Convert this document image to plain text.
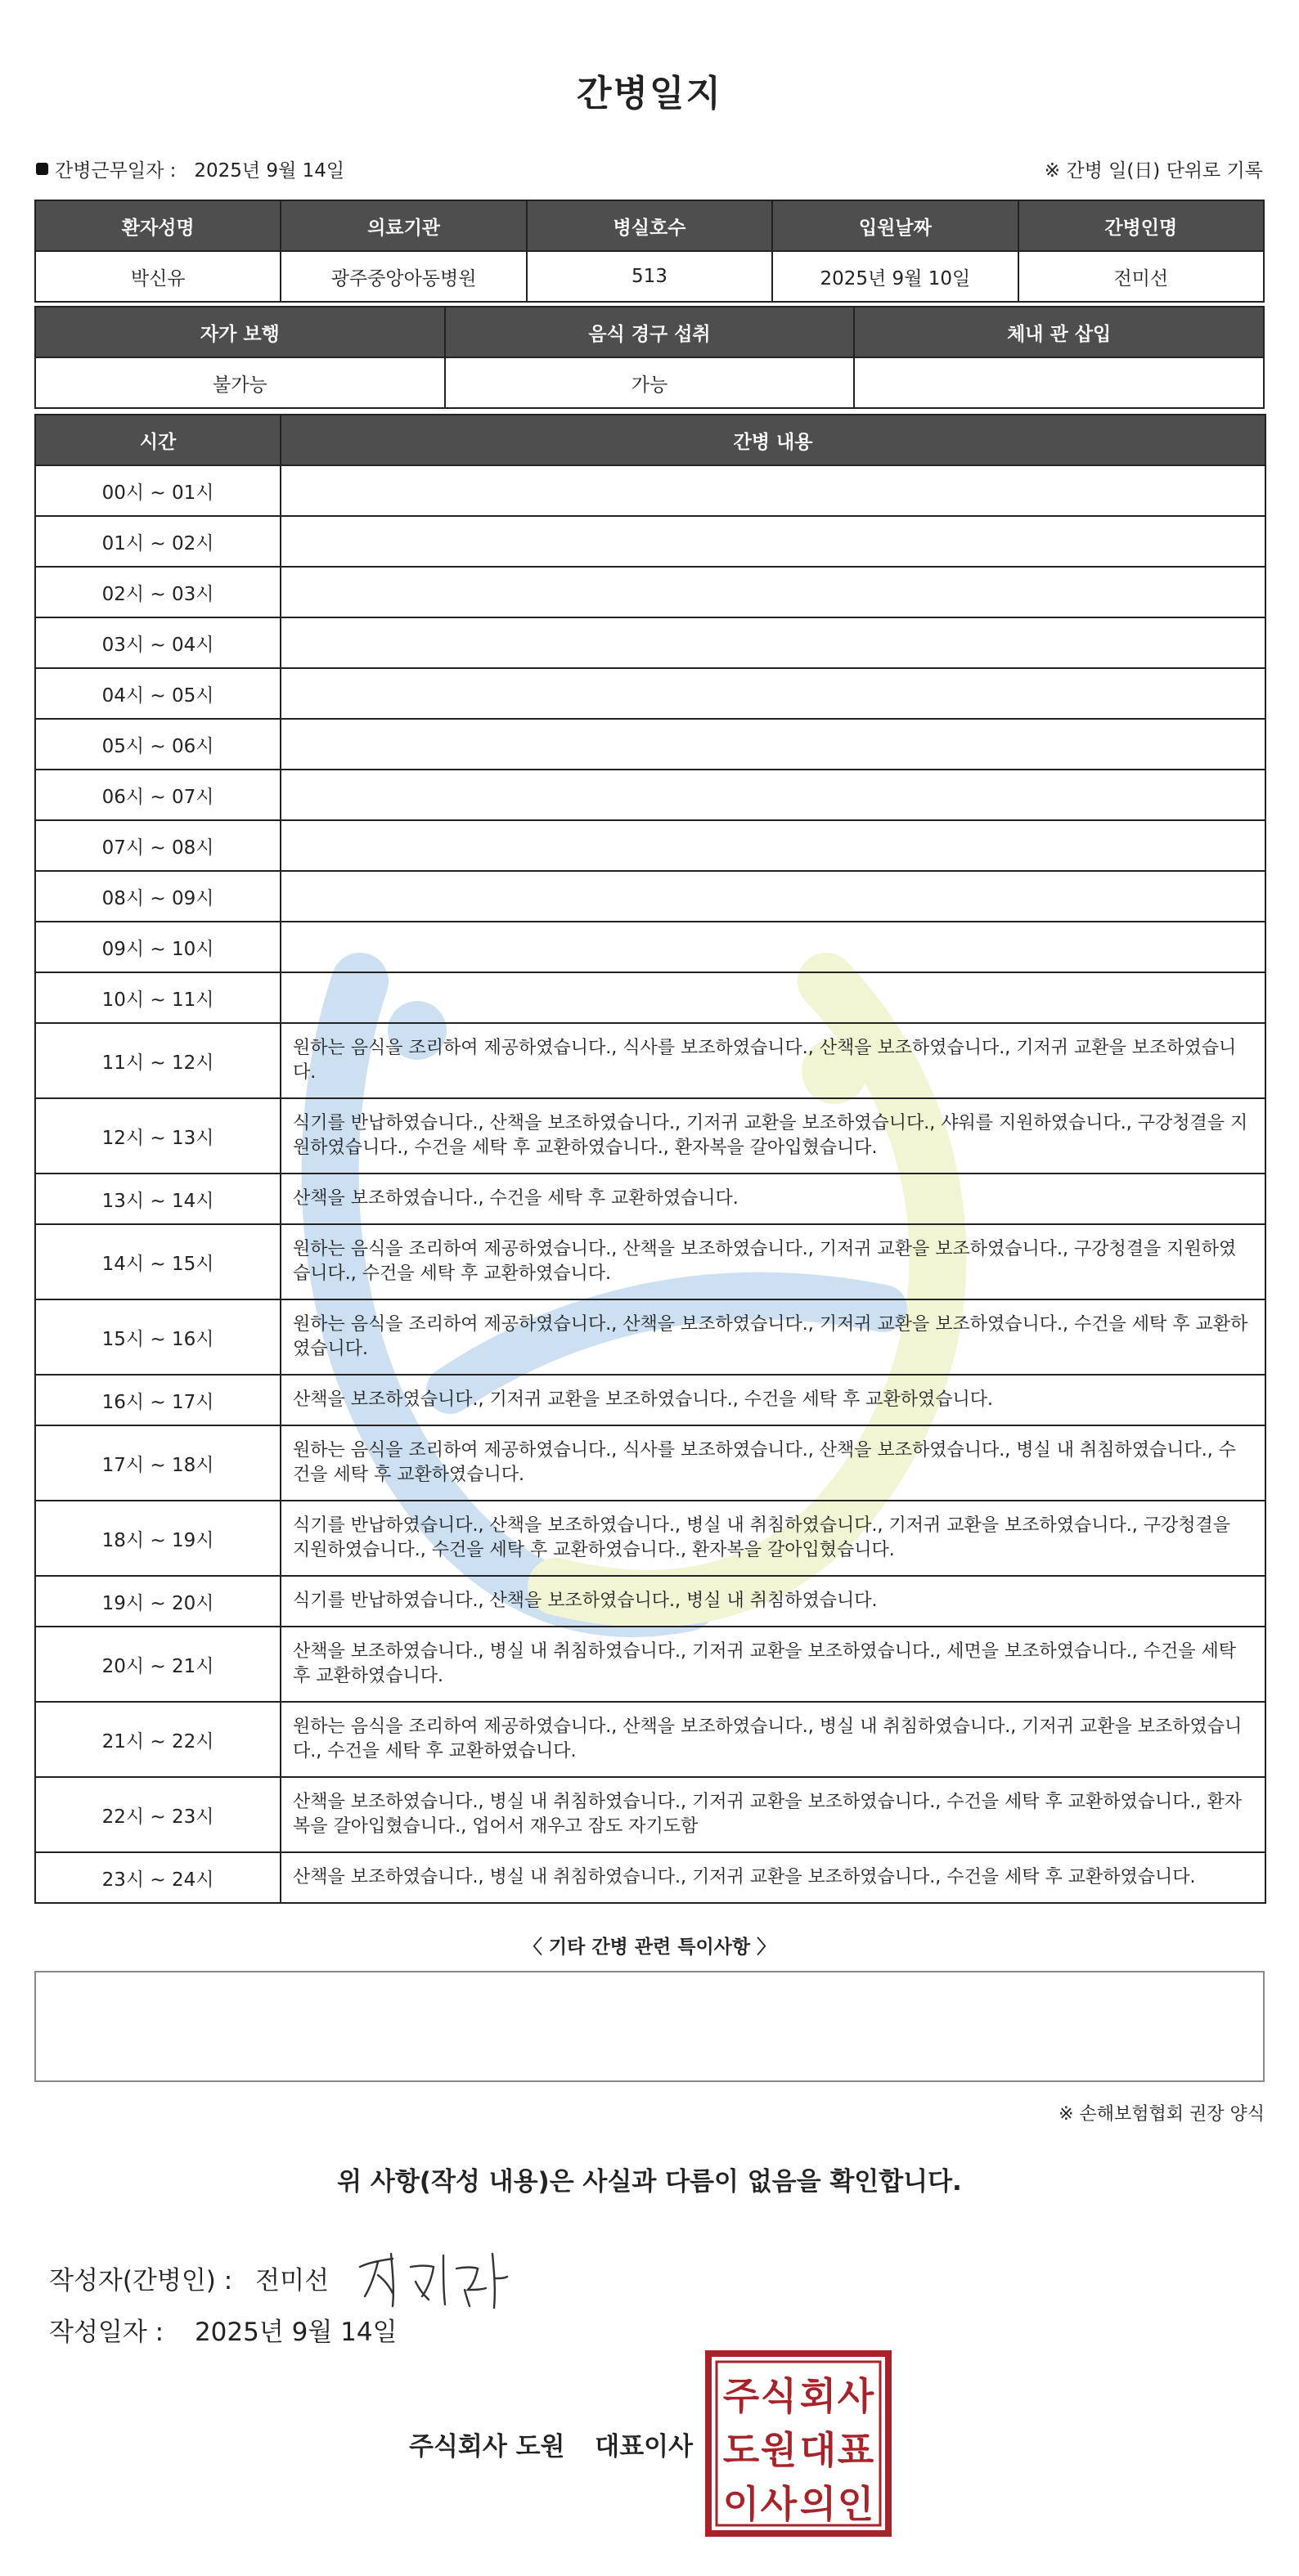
간병일지
간병근무일자 : 2025년 9월 14일	※ 간병 일(日) 단위로 기록
환자성명	의료기관	병실호수	입원날짜	간병인명
박신유	광주중앙아동병원	513	2025년 9월 10일	전미선
자가 보행	음식 경구 섭취	체내 관 삽입
불가능	가능	
시간	간병 내용
00시 ~ 01시	
01시 ~ 02시	
02시 ~ 03시	
03시 ~ 04시	
04시 ~ 05시	
05시 ~ 06시	
06시 ~ 07시	
07시 ~ 08시	
08시 ~ 09시	
09시 ~ 10시	
10시 ~ 11시	
11시 ~ 12시	원하는 음식을 조리하여 제공하였습니다., 식사를 보조하였습니다., 산책을 보조하였습니다., 기저귀 교환을 보조하였습니다.
12시 ~ 13시	식기를 반납하였습니다., 산책을 보조하였습니다., 기저귀 교환을 보조하였습니다., 샤워를 지원하였습니다., 구강청결을 지원하였습니다., 수건을 세탁 후 교환하였습니다., 환자복을 갈아입혔습니다.
13시 ~ 14시	산책을 보조하였습니다., 수건을 세탁 후 교환하였습니다.
14시 ~ 15시	원하는 음식을 조리하여 제공하였습니다., 산책을 보조하였습니다., 기저귀 교환을 보조하였습니다., 구강청결을 지원하였습니다., 수건을 세탁 후 교환하였습니다.
15시 ~ 16시	원하는 음식을 조리하여 제공하였습니다., 산책을 보조하였습니다., 기저귀 교환을 보조하였습니다., 수건을 세탁 후 교환하였습니다.
16시 ~ 17시	산책을 보조하였습니다., 기저귀 교환을 보조하였습니다., 수건을 세탁 후 교환하였습니다.
17시 ~ 18시	원하는 음식을 조리하여 제공하였습니다., 식사를 보조하였습니다., 산책을 보조하였습니다., 병실 내 취침하였습니다., 수건을 세탁 후 교환하였습니다.
18시 ~ 19시	식기를 반납하였습니다., 산책을 보조하였습니다., 병실 내 취침하였습니다., 기저귀 교환을 보조하였습니다., 구강청결을 지원하였습니다., 수건을 세탁 후 교환하였습니다., 환자복을 갈아입혔습니다.
19시 ~ 20시	식기를 반납하였습니다., 산책을 보조하였습니다., 병실 내 취침하였습니다.
20시 ~ 21시	산책을 보조하였습니다., 병실 내 취침하였습니다., 기저귀 교환을 보조하였습니다., 세면을 보조하였습니다., 수건을 세탁 후 교환하였습니다.
21시 ~ 22시	원하는 음식을 조리하여 제공하였습니다., 산책을 보조하였습니다., 병실 내 취침하였습니다., 기저귀 교환을 보조하였습니다., 수건을 세탁 후 교환하였습니다.
22시 ~ 23시	산책을 보조하였습니다., 병실 내 취침하였습니다., 기저귀 교환을 보조하였습니다., 수건을 세탁 후 교환하였습니다., 환자복을 갈아입혔습니다., 업어서 재우고 잠도 자기도함
23시 ~ 24시	산책을 보조하였습니다., 병실 내 취침하였습니다., 기저귀 교환을 보조하였습니다., 수건을 세탁 후 교환하였습니다.
〈 기타 간병 관련 특이사항 〉
※ 손해보험협회 권장 양식
위 사항(작성 내용)은 사실과 다름이 없음을 확인합니다.
작성자(간병인) : 전미선
작성일자 : 2025년 9월 14일
주식회사 도원 대표이사
주 식 회 사
도 원 대 표
이 사 의 인
